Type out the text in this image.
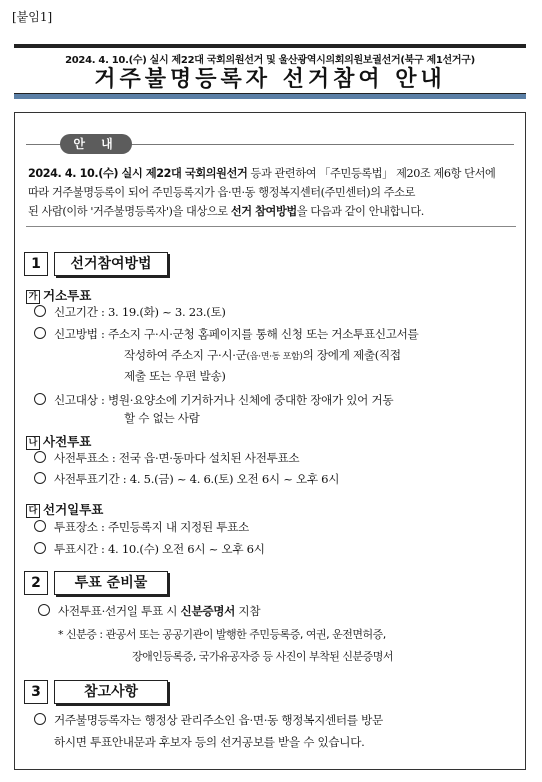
[붙임1]
2024. 4. 10.(수) 실시 제22대 국회의원선거 및 울산광역시의회의원보궐선거(북구 제1선거구)
거주불명등록자 선거참여 안내
안 내
2024. 4. 10.(수) 실시 제22대 국회의원선거 등과 관련하여 「주민등록법」 제20조 제6항 단서에
따라 거주불명등록이 되어 주민등록지가 읍·면·동 행정복지센터(주민센터)의 주소로
된 사람(이하 '거주불명등록자')을 대상으로 선거 참여방법을 다음과 같이 안내합니다.
1	선거참여방법
가 거소투표
신고기간 : 3. 19.(화) ~ 3. 23.(토)
신고방법 : 주소지 구·시·군청 홈페이지를 통해 신청 또는 거소투표신고서를
작성하여 주소지 구·시·군(읍·면·동 포함)의 장에게 제출(직접
제출 또는 우편 발송)
신고대상 : 병원·요양소에 기거하거나 신체에 중대한 장애가 있어 거동
할 수 없는 사람
나 사전투표
사전투표소 : 전국 읍·면·동마다 설치된 사전투표소
사전투표기간 : 4. 5.(금) ~ 4. 6.(토) 오전 6시 ~ 오후 6시
다 선거일투표
투표장소 : 주민등록지 내 지정된 투표소
투표시간 : 4. 10.(수) 오전 6시 ~ 오후 6시
2	투표 준비물
사전투표·선거일 투표 시 신분증명서 지참
* 신분증 : 관공서 또는 공공기관이 발행한 주민등록증, 여권, 운전면허증,
장애인등록증, 국가유공자증 등 사진이 부착된 신분증명서
3	참고사항
거주불명등록자는 행정상 관리주소인 읍·면·동 행정복지센터를 방문
하시면 투표안내문과 후보자 등의 선거공보를 받을 수 있습니다.
